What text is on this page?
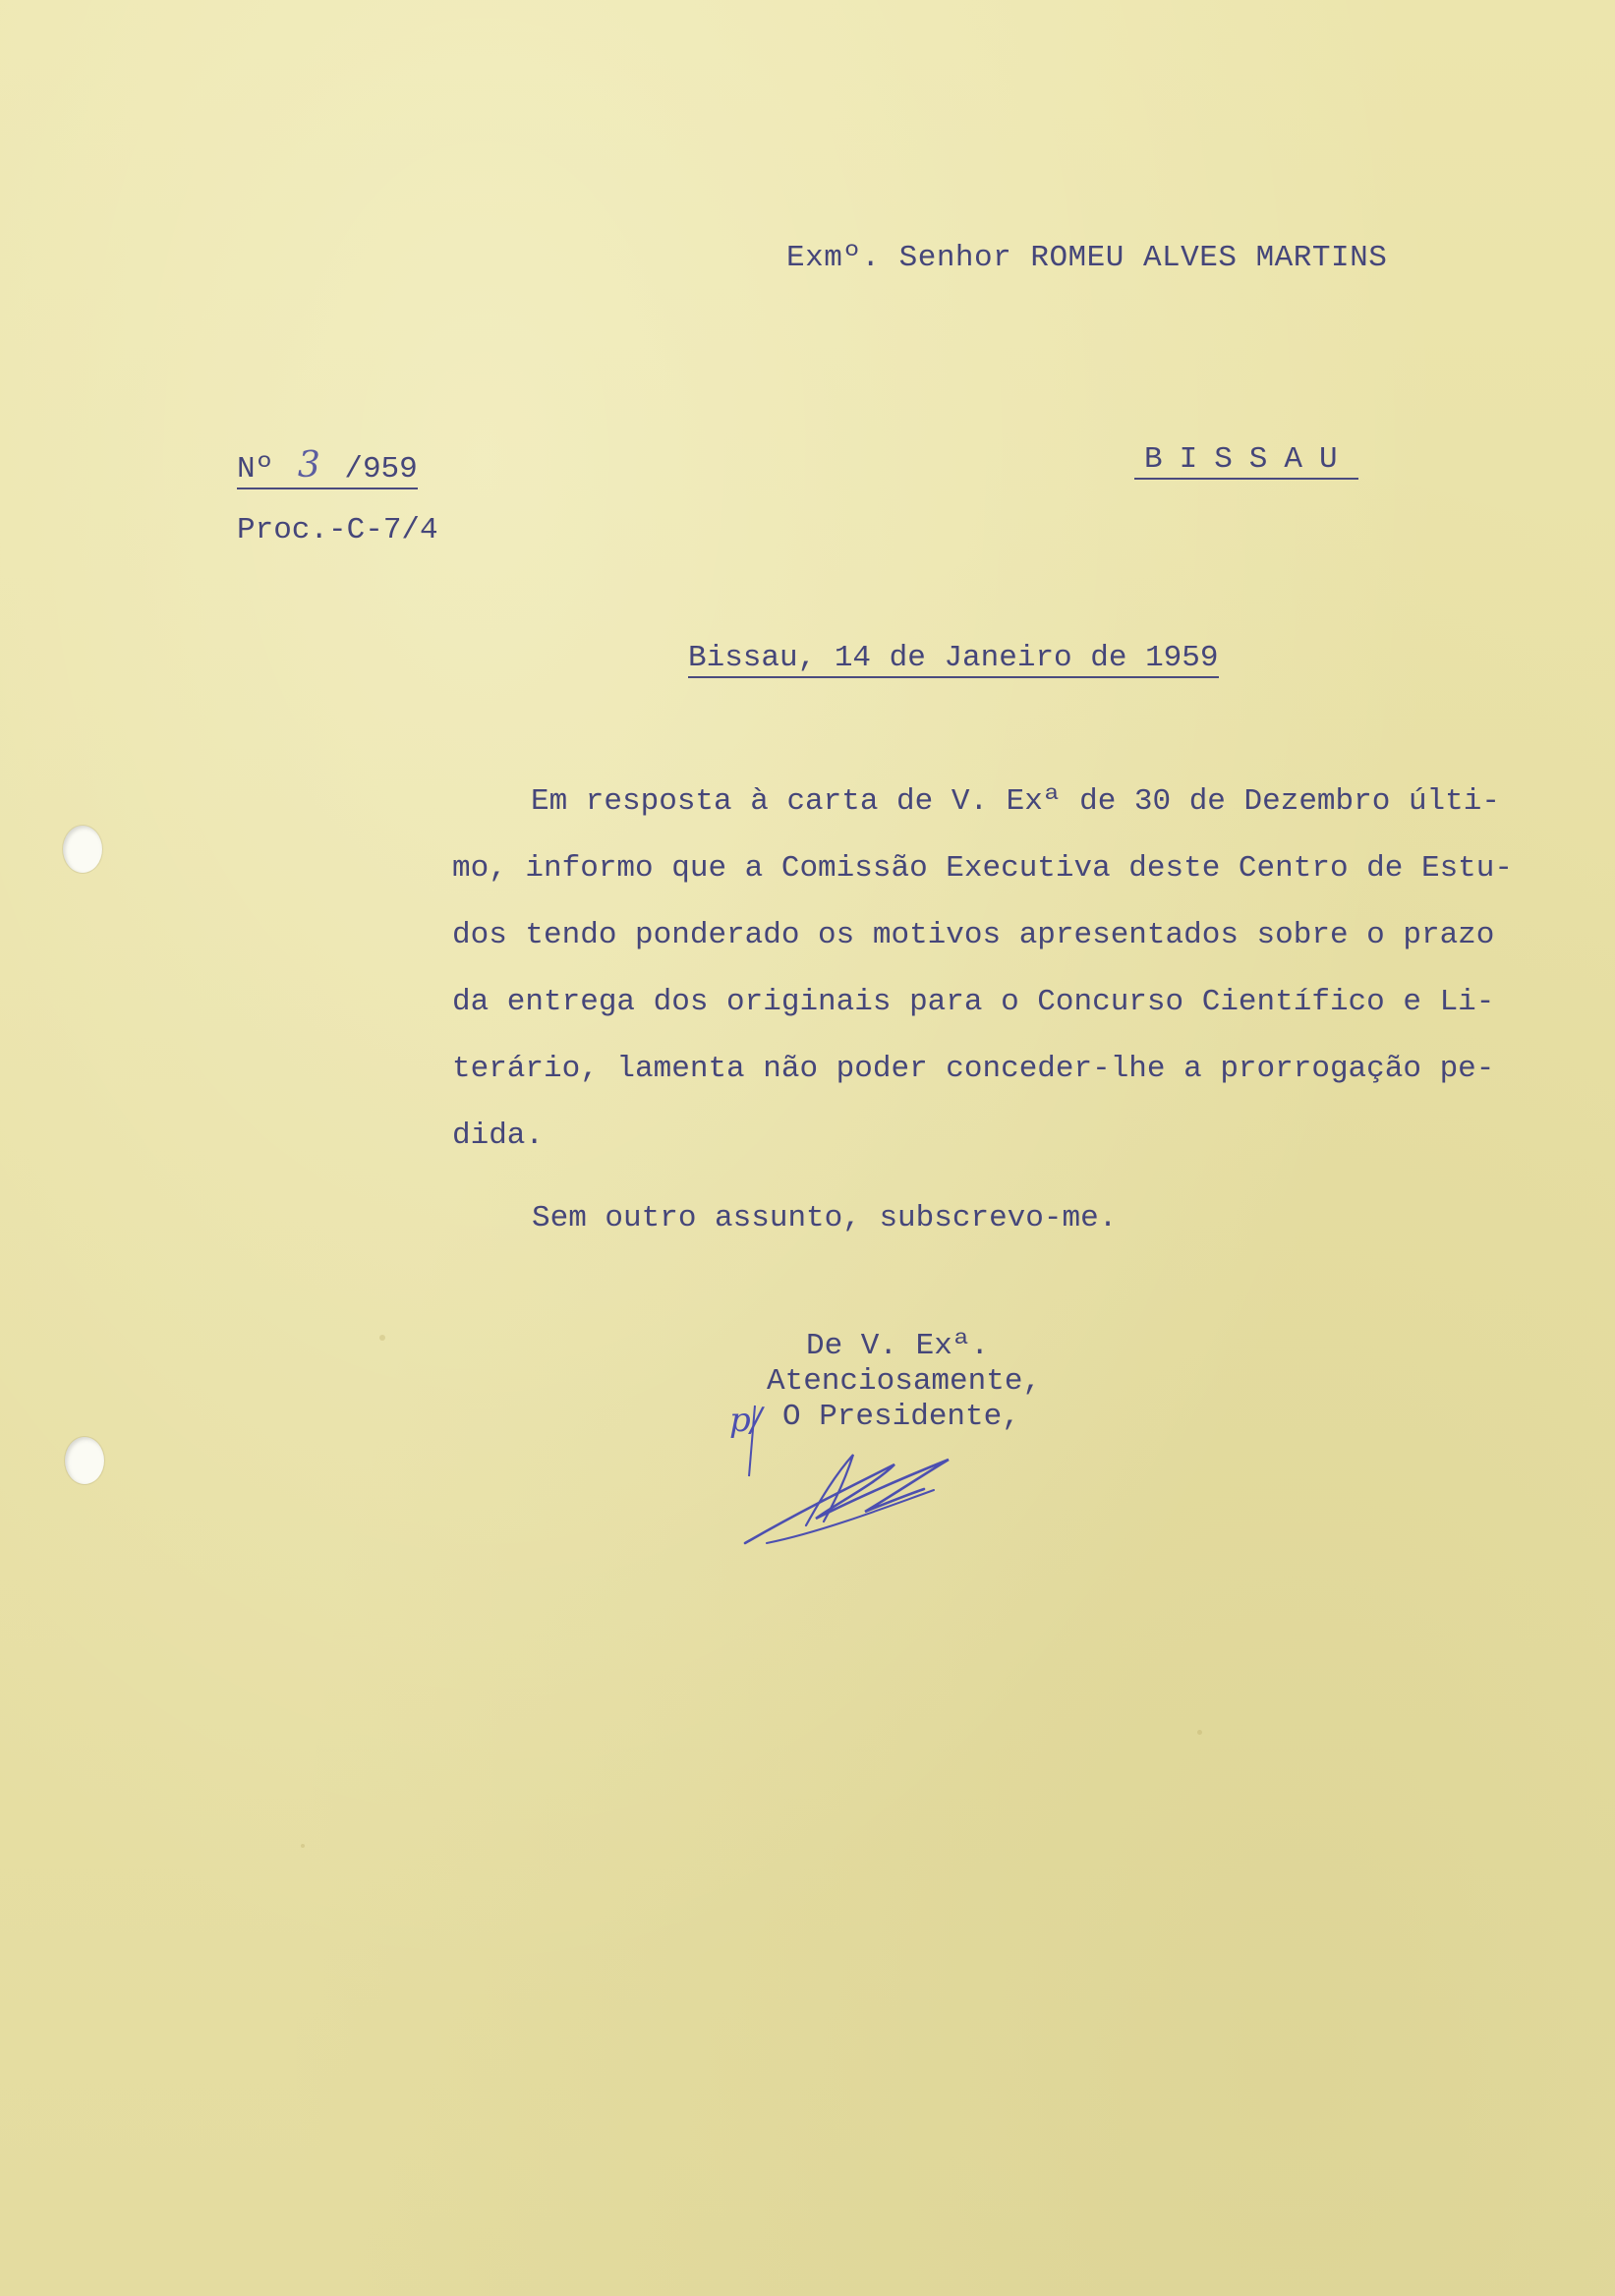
Exmº. Senhor ROMEU ALVES MARTINS
Nº 3 /959	BISSAU
Proc.-C-7/4
Bissau, 14 de Janeiro de 1959
Em resposta à carta de V. Exª de 30 de Dezembro últi-
mo, informo que a Comissão Executiva deste Centro de Estu-
dos tendo ponderado os motivos apresentados sobre o prazo
da entrega dos originais para o Concurso Científico e Li-
terário, lamenta não poder conceder-lhe a prorrogação pe-
dida.
Sem outro assunto, subscrevo-me.
De V. Exª.
Atenciosamente,
O Presidente,
p/
